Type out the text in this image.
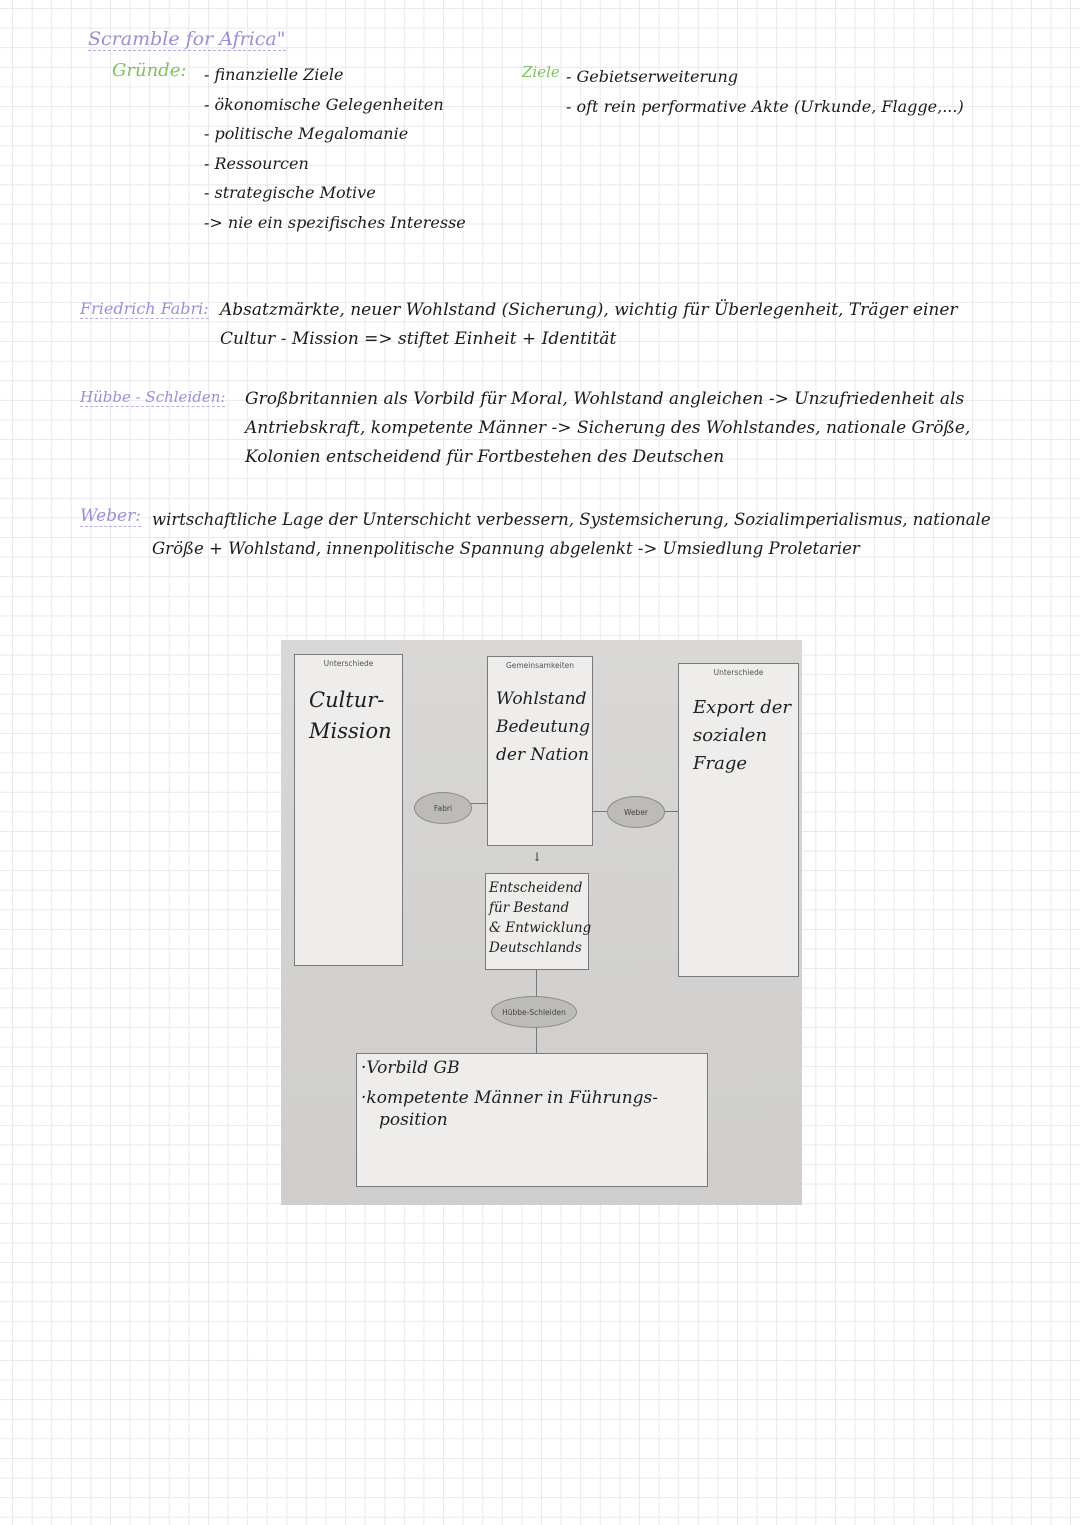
Scramble for Africa"
Gründe: - finanzielle Ziele
- ökonomische Gelegenheiten
- politische Megalomanie
- Ressourcen
- strategische Motive
-> nie ein spezifisches Interesse
Ziele - Gebietserweiterung
- oft rein performative Akte (Urkunde, Flagge,...)
Friedrich Fabri: Absatzmärkte, neuer Wohlstand (Sicherung), wichtig für Überlegenheit, Träger einer
Cultur - Mission => stiftet Einheit + Identität
Hübbe - Schleiden: Großbritannien als Vorbild für Moral, Wohlstand angleichen -> Unzufriedenheit als
Antriebskraft, kompetente Männer -> Sicherung des Wohlstandes, nationale Größe,
Kolonien entscheidend für Fortbestehen des Deutschen
Weber: wirtschaftliche Lage der Unterschicht verbessern, Systemsicherung, Sozialimperialismus, nationale
Größe + Wohlstand, innenpolitische Spannung abgelenkt -> Umsiedlung Proletarier
Unterschiede
Cultur-
Mission
Gemeinsamkeiten
Wohlstand
Bedeutung
der Nation
Unterschiede
Export der
sozialen
Frage
Fabri	Weber
↓
Entscheidend
für Bestand
& Entwicklung
Deutschlands
Hübbe-Schleiden
·Vorbild GB
·kompetente Männer in Führungs-
position
